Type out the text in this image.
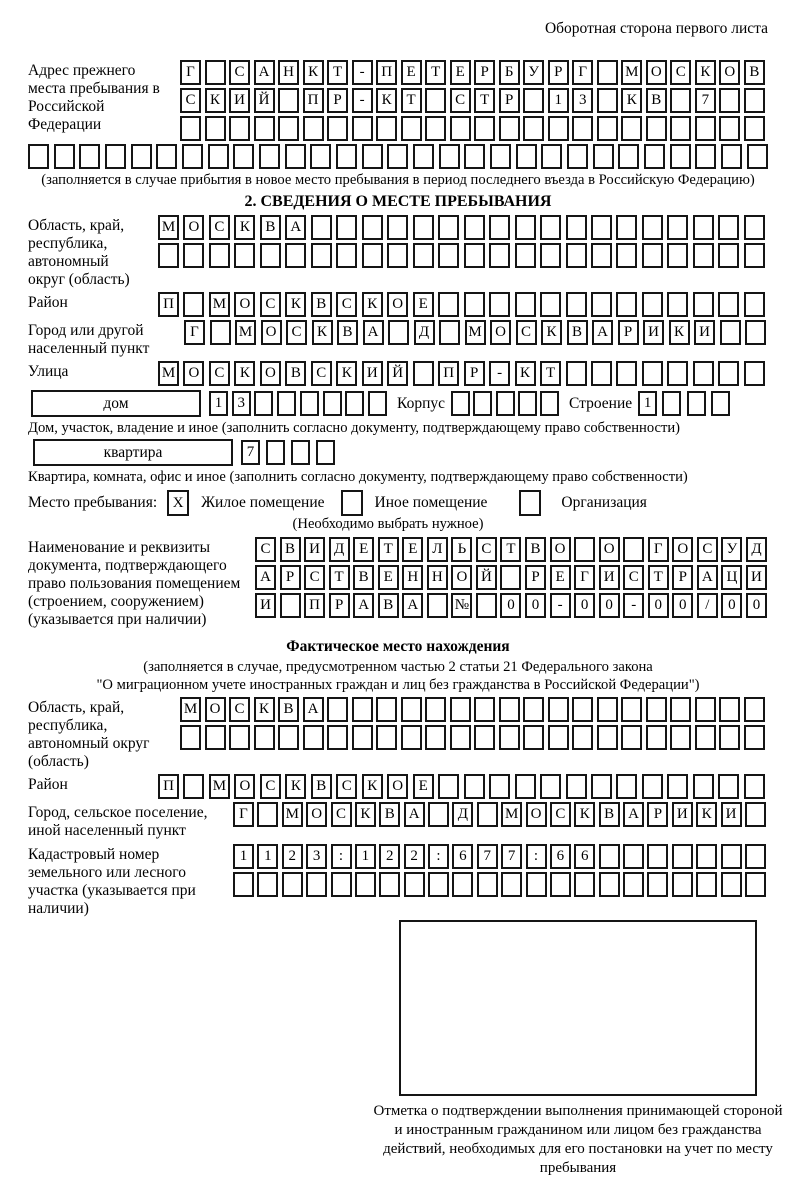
Оборотная сторона первого листа
Адрес прежнего места пребывания в Российской Федерации
Г	С А Н К Т	-	П Е	Т	Е	Р	Б У	Р	Г	М О С К О В
С К И Й	П Р	-	К Т	С Т	Р	1	3	К В	7
(заполняется в случае прибытия в новое место пребывания в период последнего въезда в Российскую Федерацию)
2. СВЕДЕНИЯ О МЕСТЕ ПРЕБЫВАНИЯ
Область, край, республика, автономный округ (область)
М О	С	К	В	А
Район	П	М О	С	К	В	С	К	О	Е
Город или другой населенный пункт
Г	М О	С	К	В	А	Д	М О	С	К	В	А	Р	И	К	И
Улица	М О	С	К	О	В	С	К	И Й	П	Р	-	К	Т
дом	1	3	Корпус	Строение 1
Дом, участок, владение и иное (заполнить согласно документу, подтверждающему право собственности)
квартира	7
Квартира, комната, офис и иное (заполнить согласно документу, подтверждающему право собственности)
Место пребывания:	X	Жилое помещение	Иное помещение	Организация
(Необходимо выбрать нужное)
Наименование и реквизиты документа, подтверждающего право пользования помещением (строением, сооружением) (указывается при наличии)
С В И Д Е	Т	Е Л	Ь	С Т В О	О	Г О С У Д
А Р	С Т В Е Н Н О Й	Р	Е	Г И С Т	Р А Ц И
И	П Р А В А	№	0	0	-	0	0	-	0	0	/	0	0
Фактическое место нахождения
(заполняется в случае, предусмотренном частью 2 статьи 21 Федерального закона
"О миграционном учете иностранных граждан и лиц без гражданства в Российской Федерации")
Область, край, республика, автономный округ (область)
М О С К В А
Район	П	М О	С	К	В	С	К	О	Е
Город, сельское поселение, иной населенный пункт
Г	М О С К В А	Д	М О С К В А Р И К И
Кадастровый номер земельного или лесного участка (указывается при наличии)
1	1	2	3	:	1	2	2	:	6	7	7	:	6	6
Отметка о подтверждении выполнения принимающей стороной и иностранным гражданином или лицом без гражданства действий, необходимых для его постановки на учет по месту пребывания
